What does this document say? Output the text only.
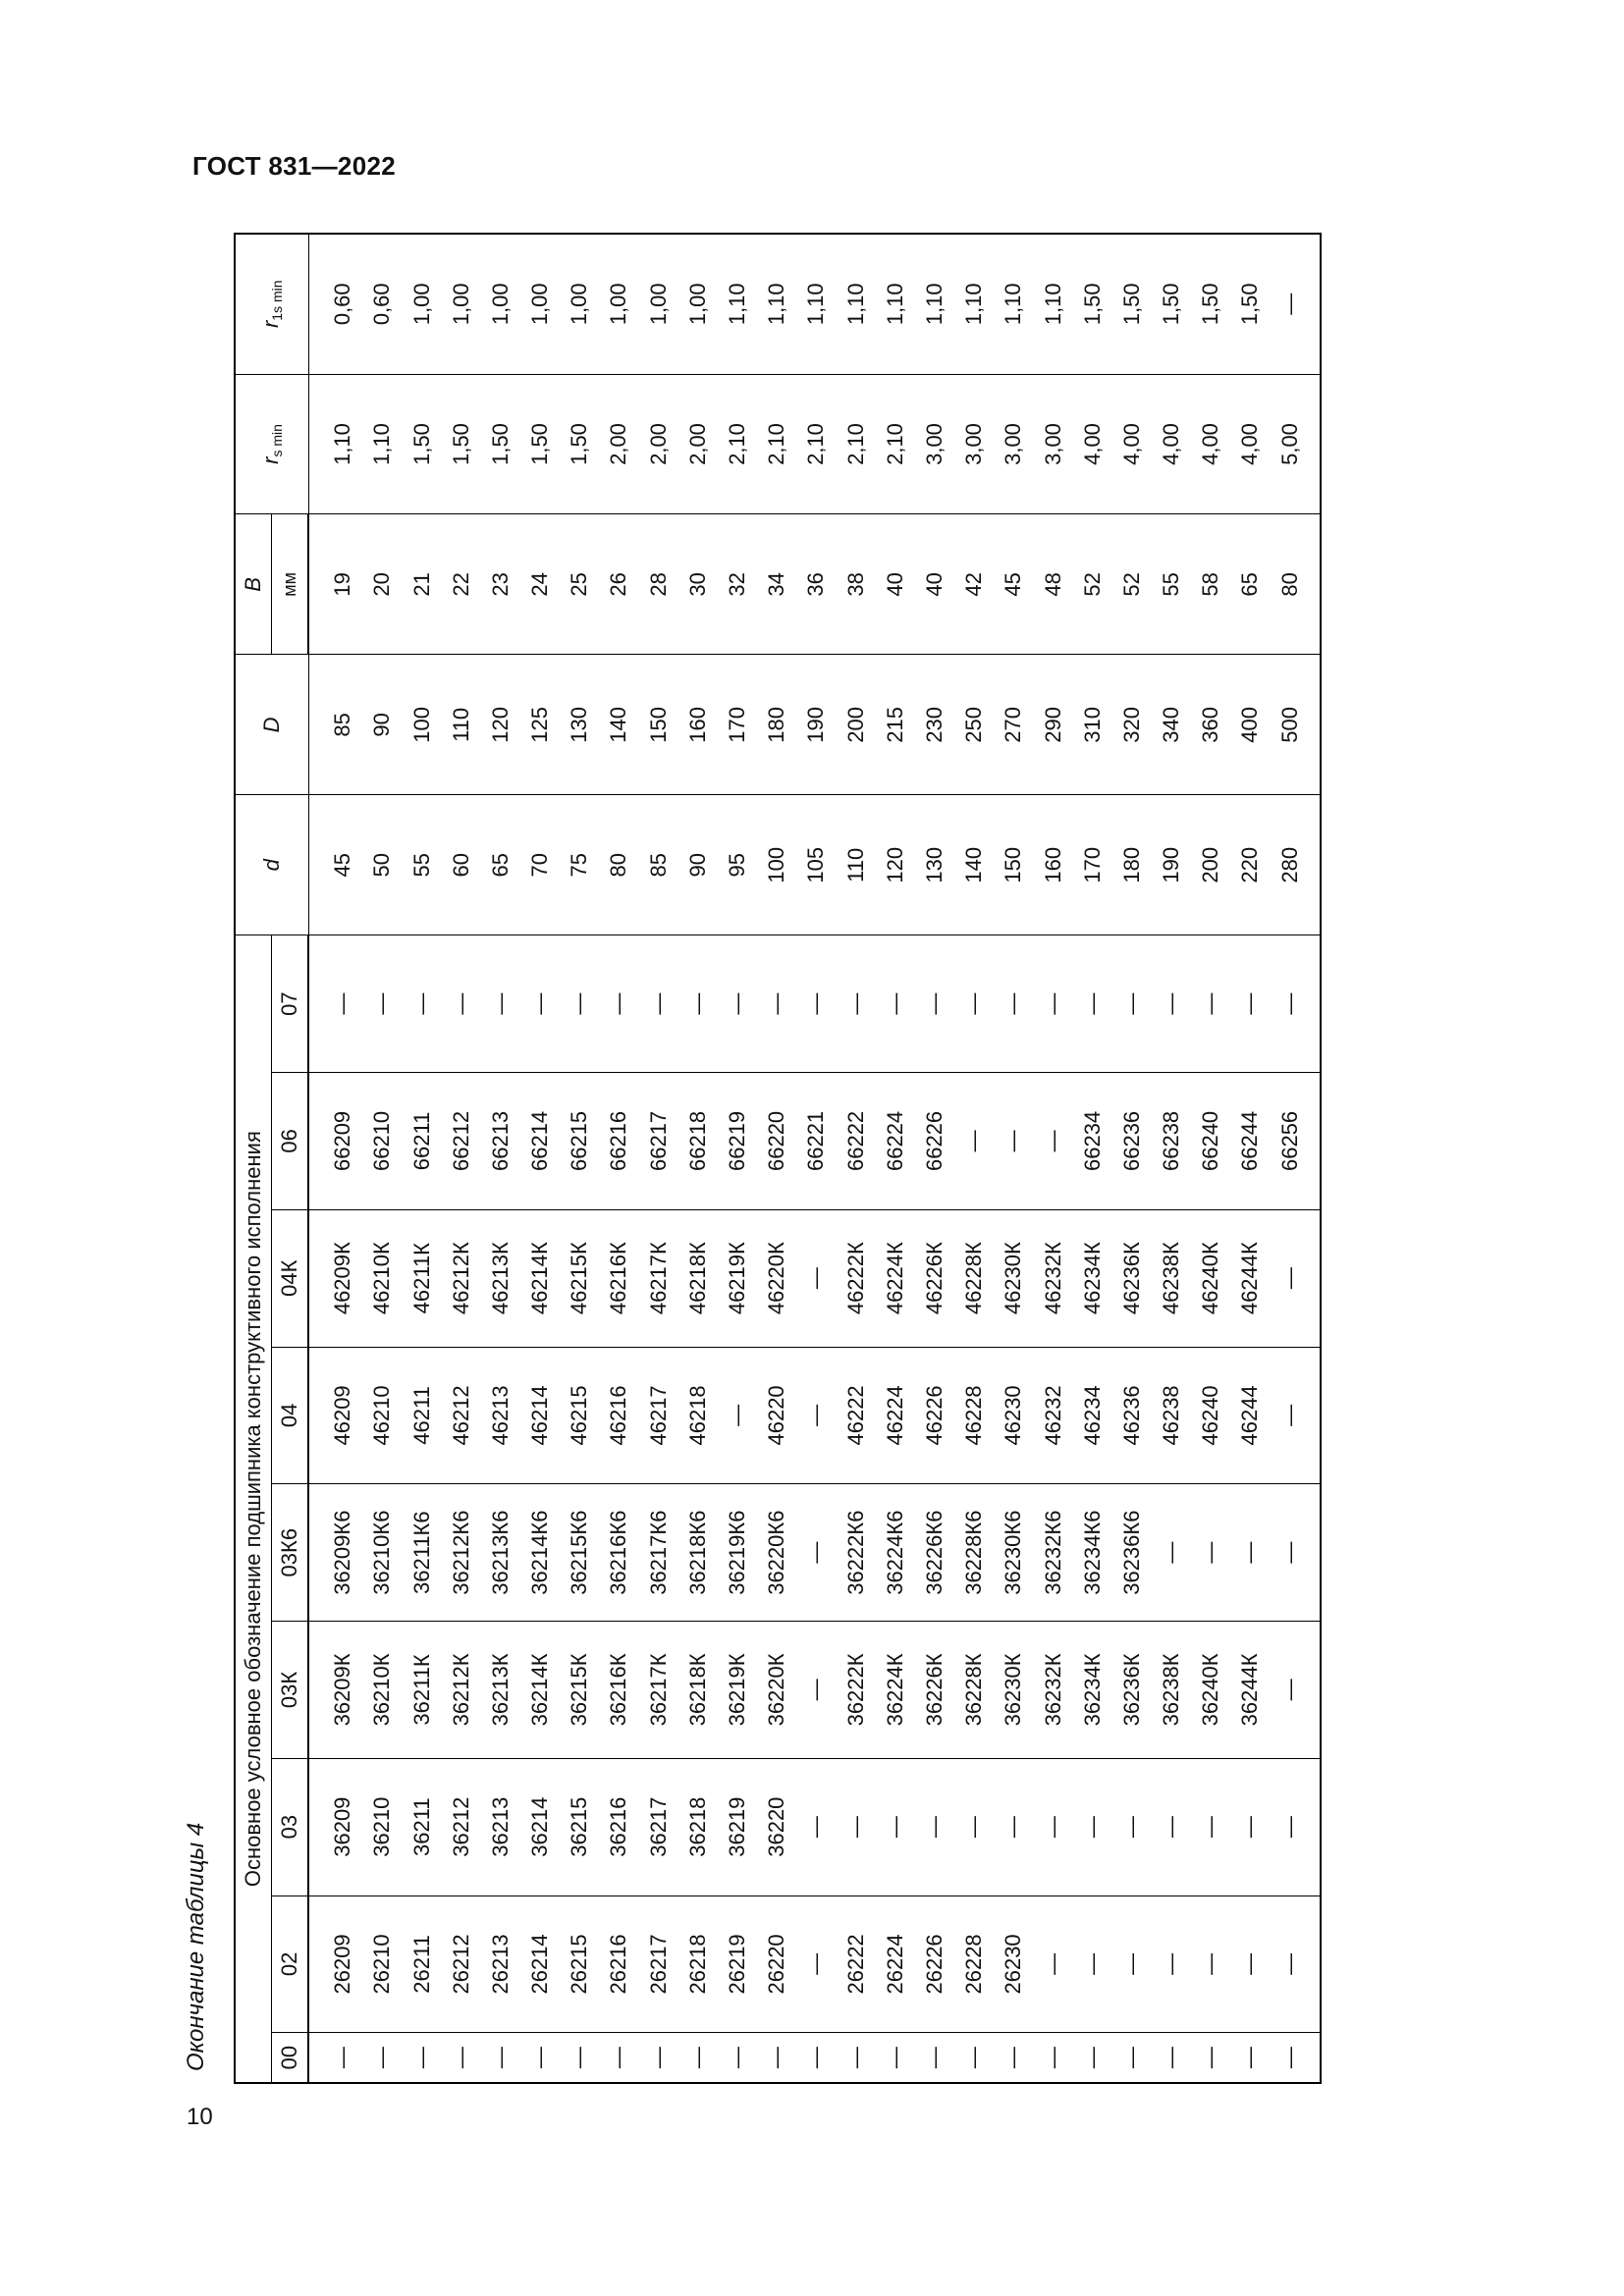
ГОСТ 831—2022
Окончание таблицы 4
10
Основное условное обозначение подшипника конструктивного исполнения									d	D	B	$r_{s min}$	$r_{1s min}$
00	02	03	03К	03К6	04	04К	06	07			мм		
—	26209	36209	36209К	36209К6	46209	46209К	66209	—	45	85	19	1,10	0,60
—	26210	36210	36210К	36210К6	46210	46210К	66210	—	50	90	20	1,10	0,60
—	26211	36211	36211К	36211К6	46211	46211К	66211	—	55	100	21	1,50	1,00
—	26212	36212	36212К	36212К6	46212	46212К	66212	—	60	110	22	1,50	1,00
—	26213	36213	36213К	36213К6	46213	46213К	66213	—	65	120	23	1,50	1,00
—	26214	36214	36214К	36214К6	46214	46214К	66214	—	70	125	24	1,50	1,00
—	26215	36215	36215К	36215К6	46215	46215К	66215	—	75	130	25	1,50	1,00
—	26216	36216	36216К	36216К6	46216	46216К	66216	—	80	140	26	2,00	1,00
—	26217	36217	36217К	36217К6	46217	46217К	66217	—	85	150	28	2,00	1,00
—	26218	36218	36218К	36218К6	46218	46218К	66218	—	90	160	30	2,00	1,00
—	26219	36219	36219К	36219К6	—	46219К	66219	—	95	170	32	2,10	1,10
—	26220	36220	36220К	36220К6	46220	46220К	66220	—	100	180	34	2,10	1,10
—	—	—	—	—	—	—	66221	—	105	190	36	2,10	1,10
—	26222	—	36222К	36222К6	46222	46222К	66222	—	110	200	38	2,10	1,10
—	26224	—	36224К	36224К6	46224	46224К	66224	—	120	215	40	2,10	1,10
—	26226	—	36226К	36226К6	46226	46226К	66226	—	130	230	40	3,00	1,10
—	26228	—	36228К	36228К6	46228	46228К	—	—	140	250	42	3,00	1,10
—	26230	—	36230К	36230К6	46230	46230К	—	—	150	270	45	3,00	1,10
—	—	—	36232К	36232К6	46232	46232К	—	—	160	290	48	3,00	1,10
—	—	—	36234К	36234К6	46234	46234К	66234	—	170	310	52	4,00	1,50
—	—	—	36236К	36236К6	46236	46236К	66236	—	180	320	52	4,00	1,50
—	—	—	36238К	—	46238	46238К	66238	—	190	340	55	4,00	1,50
—	—	—	36240К	—	46240	46240К	66240	—	200	360	58	4,00	1,50
—	—	—	36244К	—	46244	46244К	66244	—	220	400	65	4,00	1,50
—	—	—	—	—	—	—	66256	—	280	500	80	5,00	—
